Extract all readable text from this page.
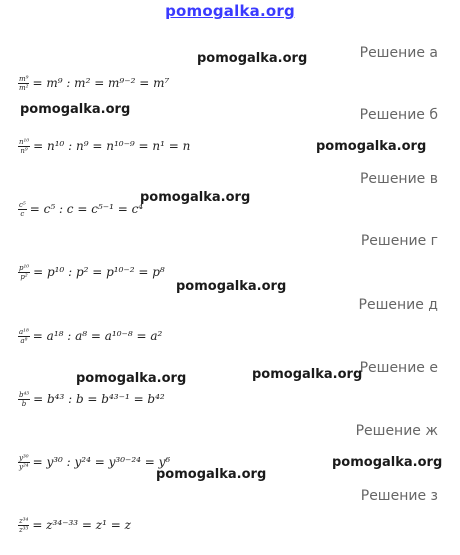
pomogalka.org
Решение а
$\frac{\text{m⁹}}{\text{m²}} = m^9$ : m² = m⁹⁻² = m⁷
Решение б
$\frac{\text{n¹⁰}}{\text{n⁹}} = n^{10}$ : n⁹ = n¹⁰⁻⁹ = n¹ = n
Решение в
$\frac{\text{c⁵}}{c} = c^5$ : c = c⁵⁻¹ = c⁴
Решение г
$\frac{\text{p¹⁰}}{\text{p²}} = p^{10}$ : p² = p¹⁰⁻² = p⁸
Решение д
$\frac{\text{a¹⁸}}{\text{a⁸}} = a^{18}$ : a⁸ = a¹⁰⁻⁸ = a²
Решение е
$\frac{\text{b⁴³}}{b} = b^{43}$ : b = b⁴³⁻¹ = b⁴²
Решение ж
$\frac{\text{y³⁰}}{\text{y²⁴}} = y^{30}$ : y²⁴ = y³⁰⁻²⁴ = y⁶
Решение з
$\frac{\text{z³⁴}}{\text{z³³}} = z^{34-33} = z^1 = z$
pomogalka.org
pomogalka.org
pomogalka.org
pomogalka.org
pomogalka.org
pomogalka.org	pomogalka.org
pomogalka.org
pomogalka.org
